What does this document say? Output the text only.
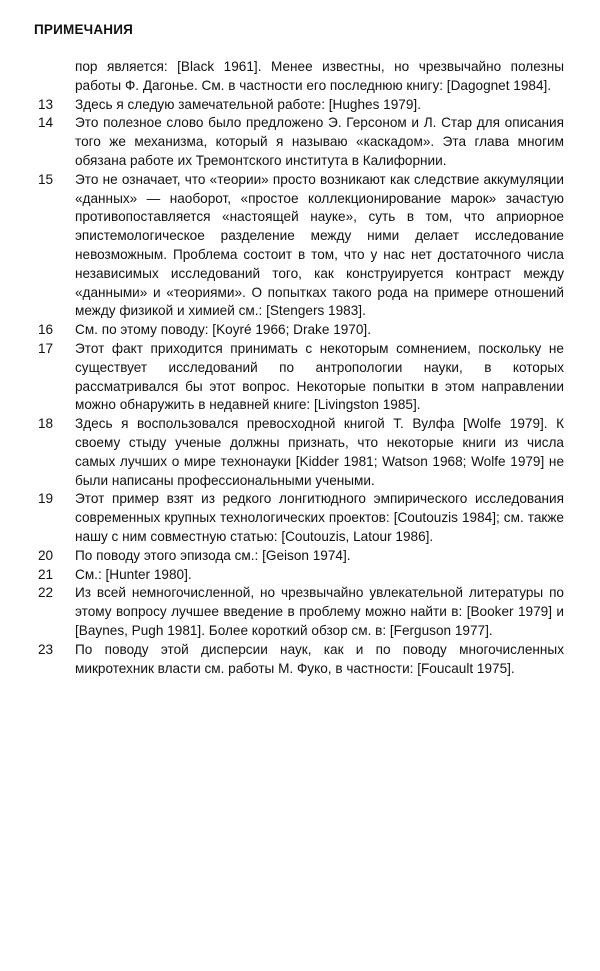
ПРИМЕЧАНИЯ
пор является: [Black 1961]. Менее известны, но чрезвычайно полезны работы Ф. Дагонье. См. в частности его последнюю книгу: [Dagognet 1984].
13	Здесь я следую замечательной работе: [Hughes 1979].
14	Это полезное слово было предложено Э. Герсоном и Л. Стар для описания того же механизма, который я называю «каскадом». Эта глава многим обязана работе их Тремонтского института в Калифорнии.
15	Это не означает, что «теории» просто возникают как следствие аккумуляции «данных» — наоборот, «простое коллекционирование марок» зачастую противопоставляется «настоящей науке», суть в том, что априорное эпистемологическое разделение между ними делает исследование невозможным. Проблема состоит в том, что у нас нет достаточного числа независимых исследований того, как конструируется контраст между «данными» и «теориями». О попытках такого рода на примере отношений между физикой и химией см.: [Stengers 1983].
16	См. по этому поводу: [Koyré 1966; Drake 1970].
17	Этот факт приходится принимать с некоторым сомнением, поскольку не существует исследований по антропологии науки, в которых рассматривался бы этот вопрос. Некоторые попытки в этом направлении можно обнаружить в недавней книге: [Livingston 1985].
18	Здесь я воспользовался превосходной книгой Т. Вулфа [Wolfe 1979]. К своему стыду ученые должны признать, что некоторые книги из числа самых лучших о мире технонауки [Kidder 1981; Watson 1968; Wolfe 1979] не были написаны профессиональными учеными.
19	Этот пример взят из редкого лонгитюдного эмпирического исследования современных крупных технологических проектов: [Coutouzis 1984]; см. также нашу с ним совместную статью: [Coutouzis, Latour 1986].
20	По поводу этого эпизода см.: [Geison 1974].
21	См.: [Hunter 1980].
22	Из всей немногочисленной, но чрезвычайно увлекательной литературы по этому вопросу лучшее введение в проблему можно найти в: [Booker 1979] и [Baynes, Pugh 1981]. Более короткий обзор см. в: [Ferguson 1977].
23	По поводу этой дисперсии наук, как и по поводу многочисленных микротехник власти см. работы М. Фуко, в частности: [Foucault 1975].
